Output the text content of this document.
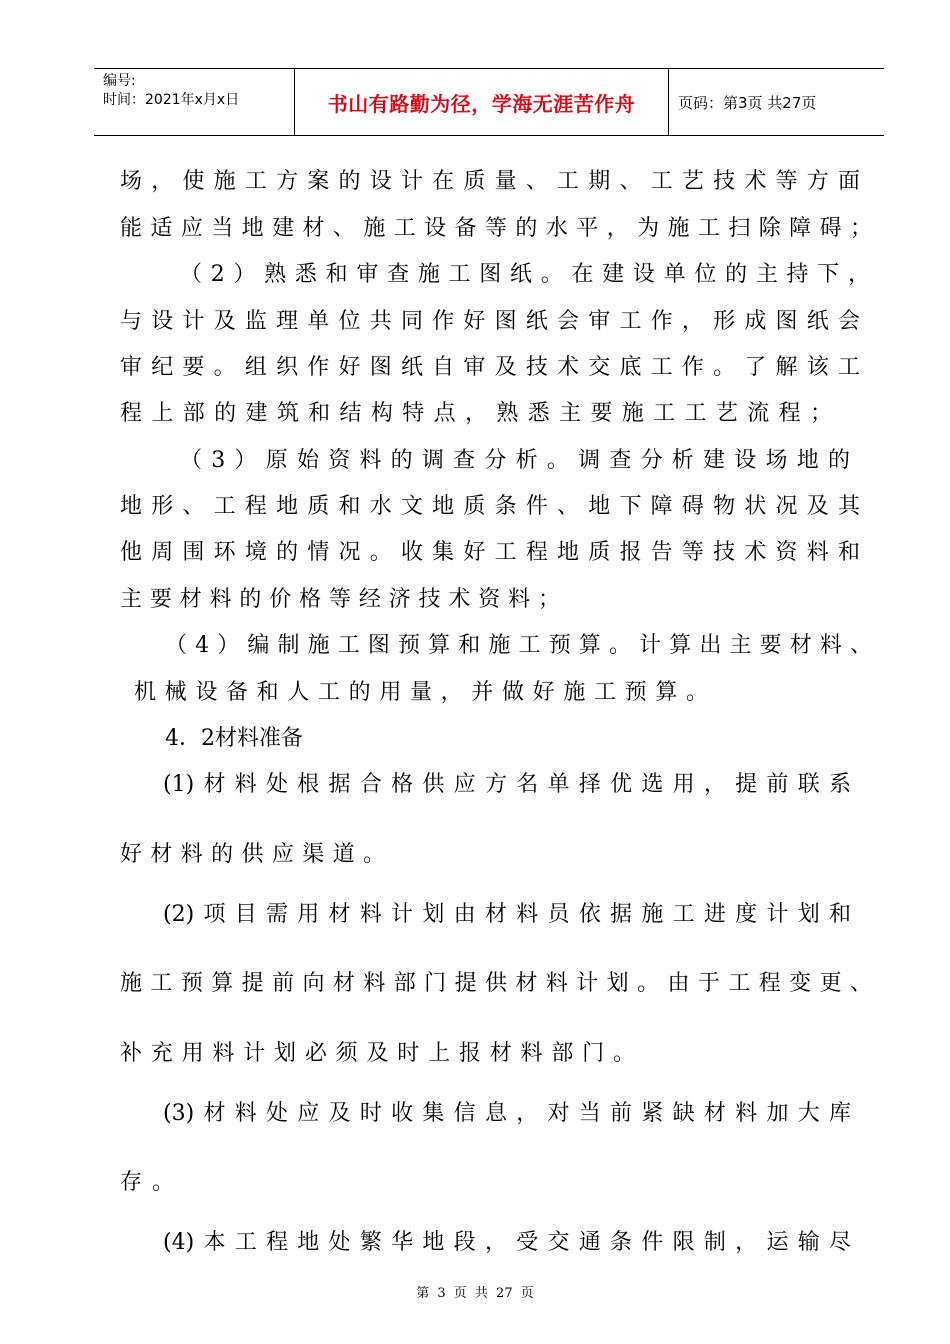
编号:
时间：2021年x月x日	书山有路勤为径，学海无涯苦作舟	页码：第3页 共27页
场，使施工方案的设计在质量、工期、工艺技术等方面
能适应当地建材、施工设备等的水平，为施工扫除障碍；
（2）熟悉和审查施工图纸。在建设单位的主持下，
与设计及监理单位共同作好图纸会审工作，形成图纸会
审纪要。组织作好图纸自审及技术交底工作。了解该工
程上部的建筑和结构特点，熟悉主要施工工艺流程；
（3）原始资料的调查分析。调查分析建设场地的
地形、工程地质和水文地质条件、地下障碍物状况及其
他周围环境的情况。收集好工程地质报告等技术资料和
主要材料的价格等经济技术资料；
（4）编制施工图预算和施工预算。计算出主要材料、
机械设备和人工的用量，并做好施工预算。
4．2材料准备
(1)材料处根据合格供应方名单择优选用，提前联系
好材料的供应渠道。
(2)项目需用材料计划由材料员依据施工进度计划和
施工预算提前向材料部门提供材料计划。由于工程变更、
补充用料计划必须及时上报材料部门。
(3)材料处应及时收集信息，对当前紧缺材料加大库
存。
(4)本工程地处繁华地段，受交通条件限制，运输尽
第 3 页 共 27 页
